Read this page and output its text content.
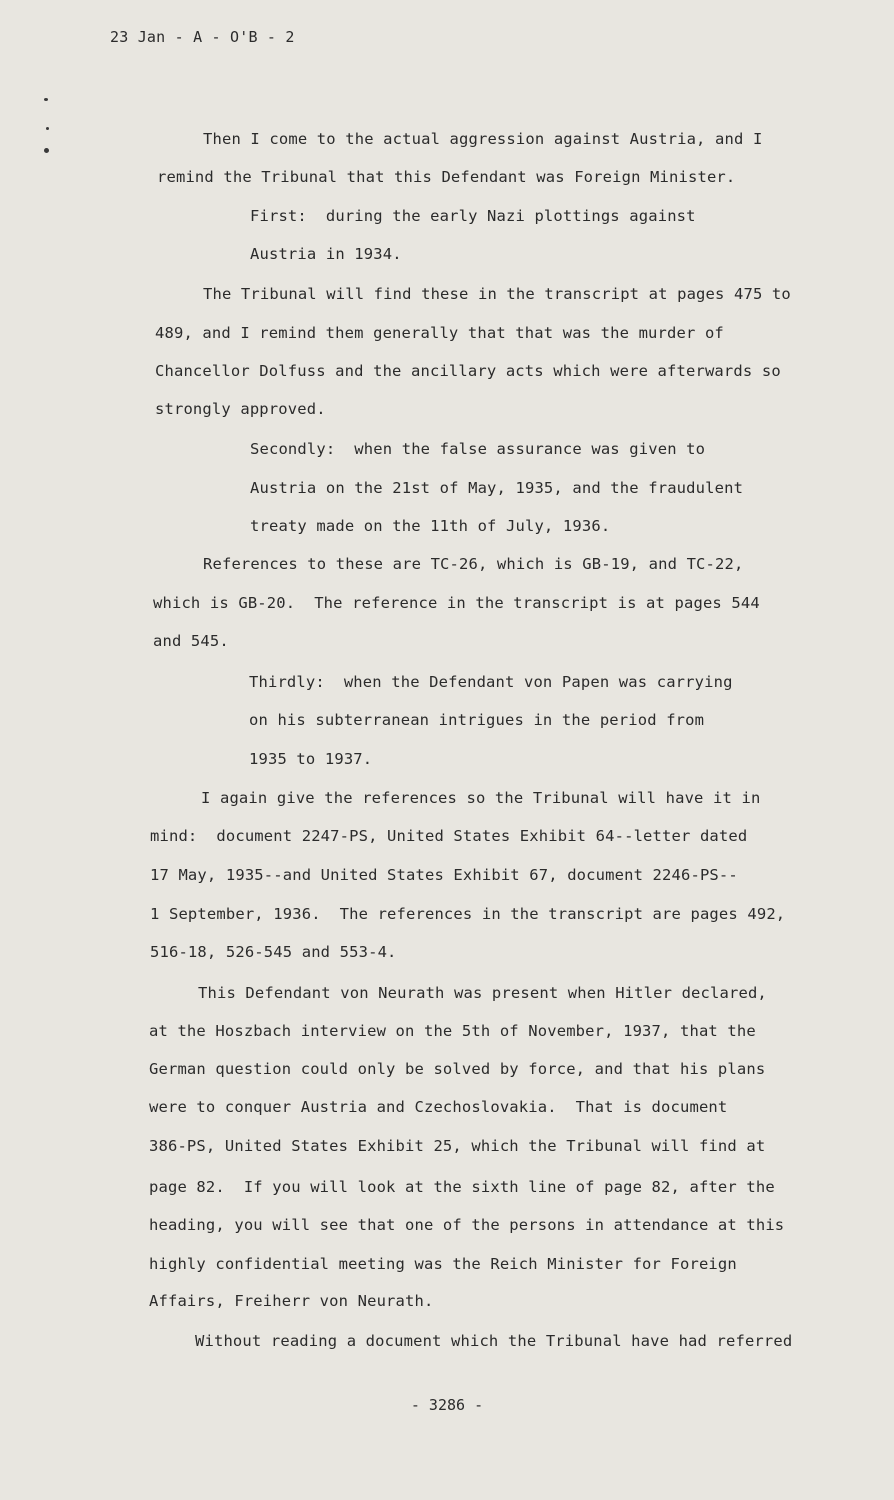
23 Jan - A - O'B - 2
Then I come to the actual aggression against Austria, and I
remind the Tribunal that this Defendant was Foreign Minister.
First:  during the early Nazi plottings against
Austria in 1934.
The Tribunal will find these in the transcript at pages 475 to
489, and I remind them generally that that was the murder of
Chancellor Dolfuss and the ancillary acts which were afterwards so
strongly approved.
Secondly:  when the false assurance was given to
Austria on the 21st of May, 1935, and the fraudulent
treaty made on the 11th of July, 1936.
References to these are TC-26, which is GB-19, and TC-22,
which is GB-20.  The reference in the transcript is at pages 544
and 545.
Thirdly:  when the Defendant von Papen was carrying
on his subterranean intrigues in the period from
1935 to 1937.
I again give the references so the Tribunal will have it in
mind:  document 2247-PS, United States Exhibit 64--letter dated
17 May, 1935--and United States Exhibit 67, document 2246-PS--
1 September, 1936.  The references in the transcript are pages 492,
516-18, 526-545 and 553-4.
This Defendant von Neurath was present when Hitler declared,
at the Hoszbach interview on the 5th of November, 1937, that the
German question could only be solved by force, and that his plans
were to conquer Austria and Czechoslovakia.  That is document
386-PS, United States Exhibit 25, which the Tribunal will find at
page 82.  If you will look at the sixth line of page 82, after the
heading, you will see that one of the persons in attendance at this
highly confidential meeting was the Reich Minister for Foreign
Affairs, Freiherr von Neurath.
Without reading a document which the Tribunal have had referred
- 3286 -
